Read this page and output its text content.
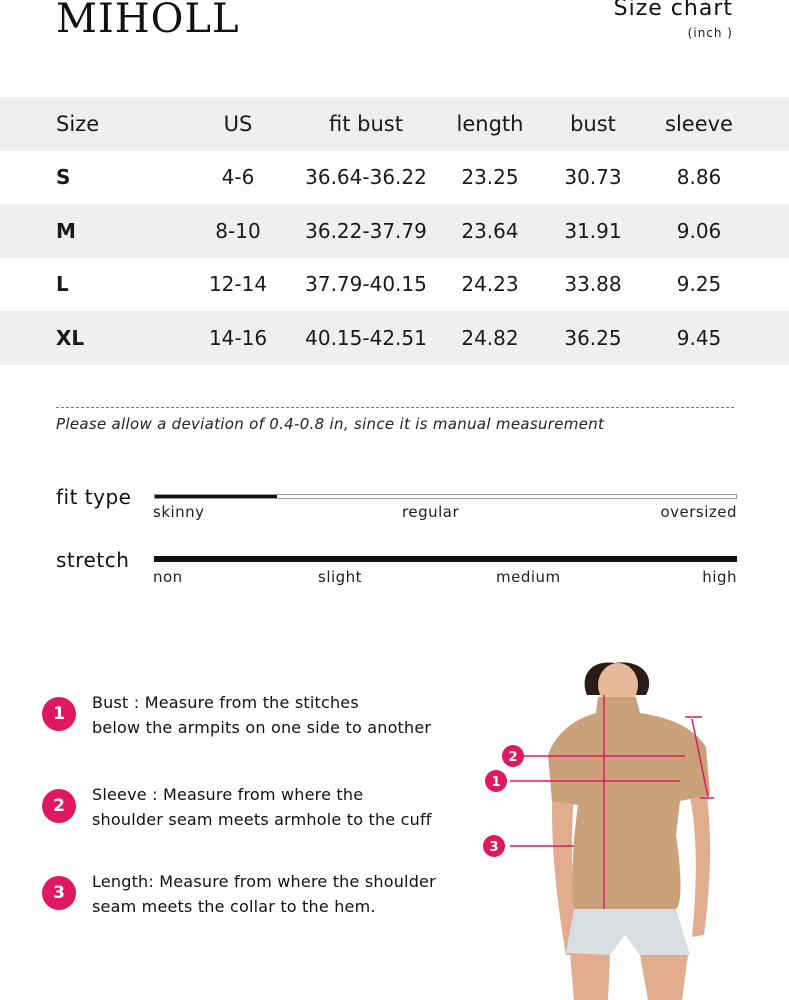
MIHOLL	Size chart
(inch )
Size	US	fit bust	length	bust	sleeve
S	4-6	36.64-36.22	23.25	30.73	8.86
M	8-10	36.22-37.79	23.64	31.91	9.06
L	12-14	37.79-40.15	24.23	33.88	9.25
XL	14-16	40.15-42.51	24.82	36.25	9.45
Please allow a deviation of 0.4-0.8 in, since it is manual measurement
fit type
skinny	regular	oversized
stretch
non	slight	medium	high
1
Bust : Measure from the stitches
below the armpits on one side to another
2
Sleeve : Measure from where the
shoulder seam meets armhole to the cuff
3
Length: Measure from where the shoulder
seam meets the collar to the hem.
2
1
3
